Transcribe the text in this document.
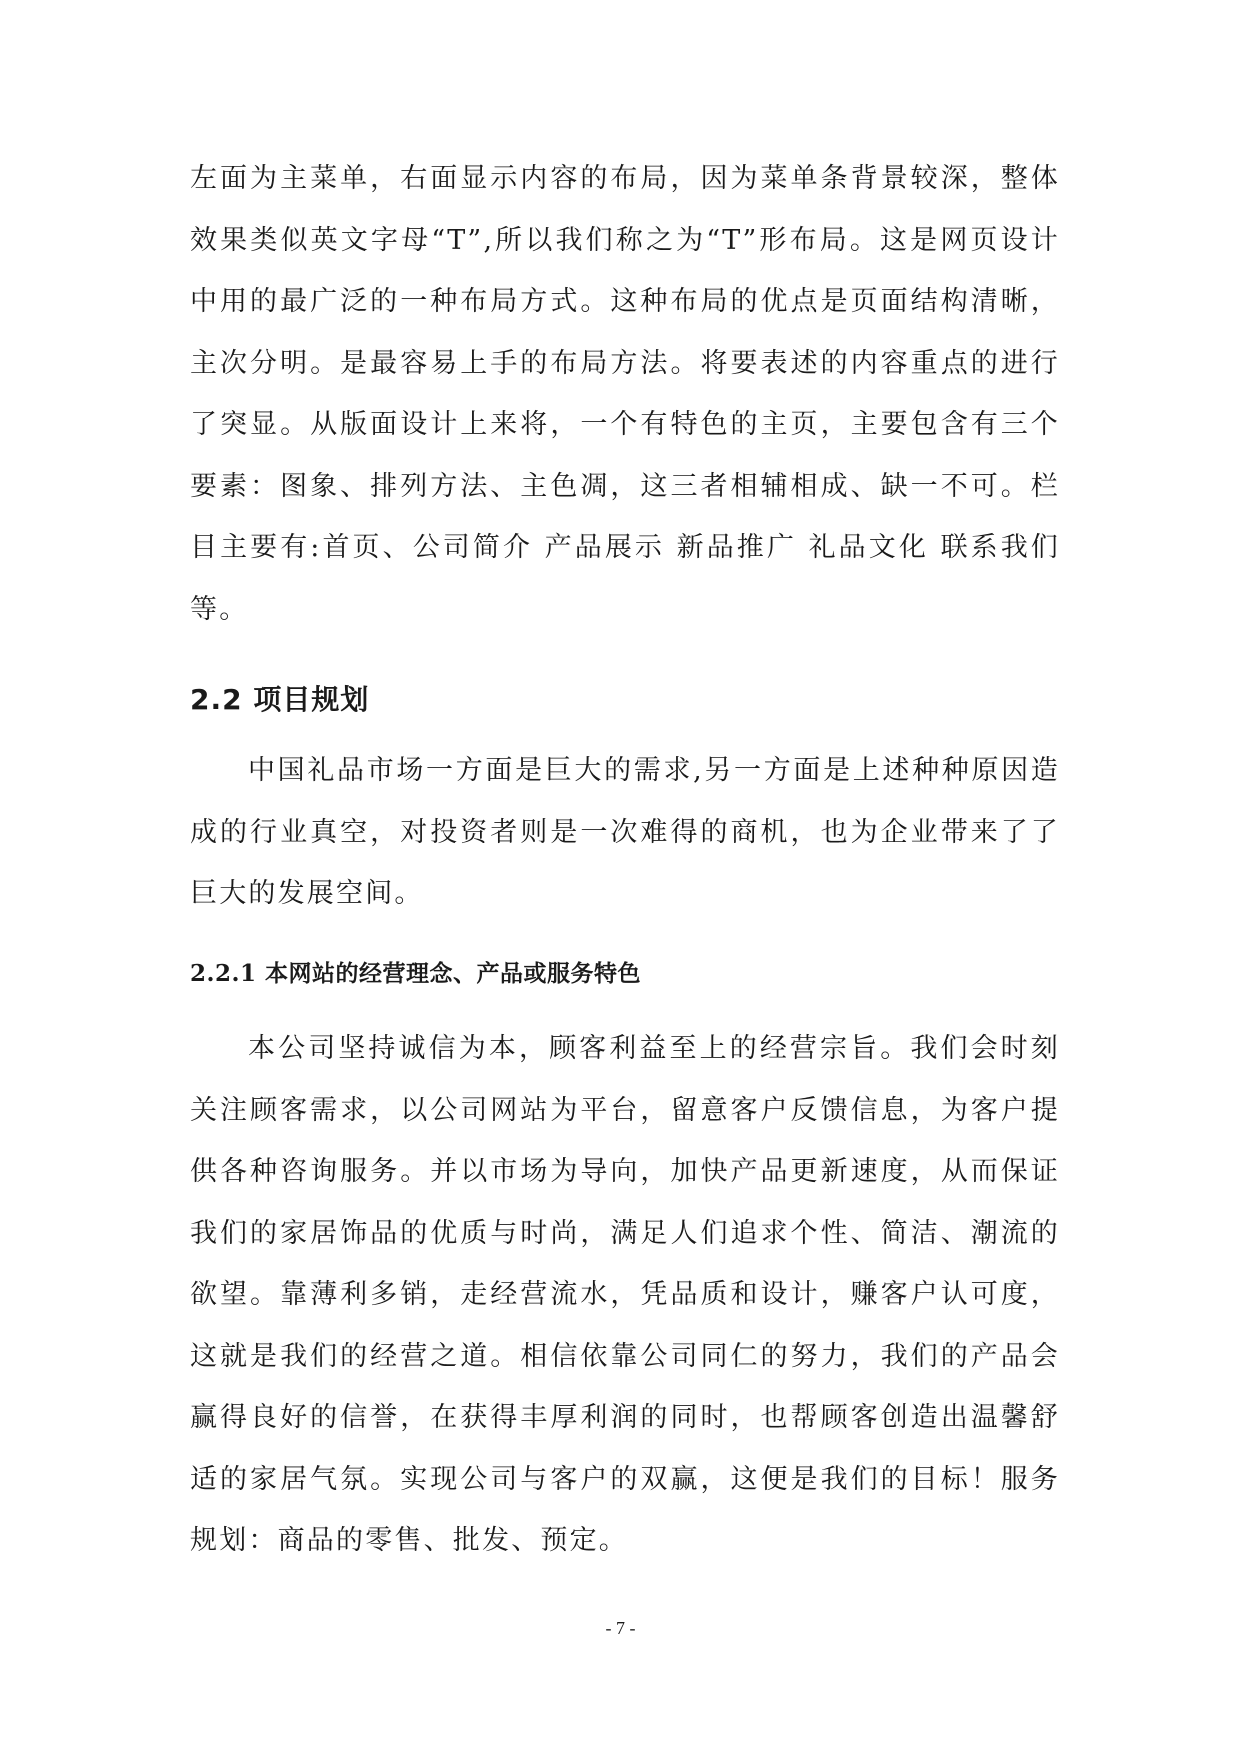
左面为主菜单，右面显示内容的布局，因为菜单条背景较深，整体效果类似英文字母“T”,所以我们称之为“T”形布局。这是网页设计中用的最广泛的一种布局方式。这种布局的优点是页面结构清晰，主次分明。是最容易上手的布局方法。将要表述的内容重点的进行了突显。从版面设计上来将，一个有特色的主页，主要包含有三个要素：图象、排列方法、主色凋，这三者相辅相成、缺一不可。栏目主要有:首页、公司简介 产品展示 新品推广 礼品文化 联系我们等。

2.2 项目规划

中国礼品市场一方面是巨大的需求,另一方面是上述种种原因造成的行业真空，对投资者则是一次难得的商机，也为企业带来了了巨大的发展空间。

2.2.1 本网站的经营理念、产品或服务特色

本公司坚持诚信为本，顾客利益至上的经营宗旨。我们会时刻关注顾客需求，以公司网站为平台，留意客户反馈信息，为客户提供各种咨询服务。并以市场为导向，加快产品更新速度，从而保证我们的家居饰品的优质与时尚，满足人们追求个性、简洁、潮流的欲望。靠薄利多销，走经营流水，凭品质和设计，赚客户认可度，这就是我们的经营之道。相信依靠公司同仁的努力，我们的产品会赢得良好的信誉，在获得丰厚利润的同时，也帮顾客创造出温馨舒适的家居气氛。实现公司与客户的双赢，这便是我们的目标！服务规划：商品的零售、批发、预定。

- 7 -
